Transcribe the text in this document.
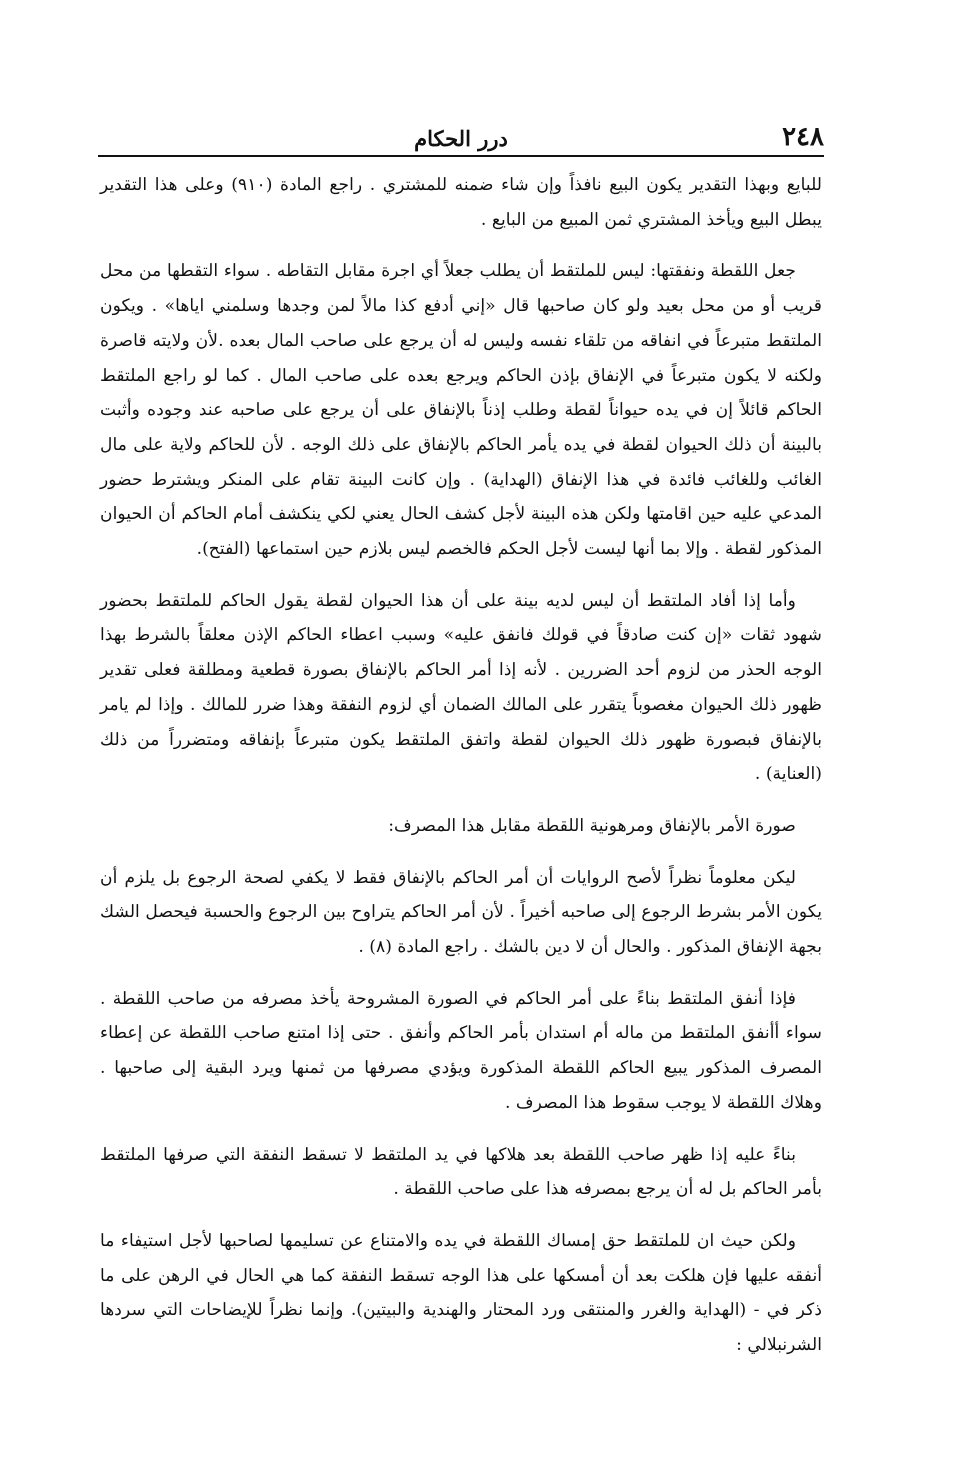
٢٤٨
درر الحكام

للبايع وبهذا التقدير يكون البيع نافذاً وإن شاء ضمنه للمشتري . راجع المادة (٩١٠) وعلى هذا التقدير يبطل البيع ويأخذ المشتري ثمن المبيع من البايع .

جعل اللقطة ونفقتها: ليس للملتقط أن يطلب جعلاً أي اجرة مقابل التقاطه . سواء التقطها من محل قريب أو من محل بعيد ولو كان صاحبها قال «إني أدفع كذا مالاً لمن وجدها وسلمني اياها» . ويكون الملتقط متبرعاً في انفاقه من تلقاء نفسه وليس له أن يرجع على صاحب المال بعده .لأن ولايته قاصرة ولكنه لا يكون متبرعاً في الإنفاق بإذن الحاكم ويرجع بعده على صاحب المال . كما لو راجع الملتقط الحاكم قائلاً إن في يده حيواناً لقطة وطلب إذناً بالإنفاق على أن يرجع على صاحبه عند وجوده وأثبت بالبينة أن ذلك الحيوان لقطة في يده يأمر الحاكم بالإنفاق على ذلك الوجه . لأن للحاكم ولاية على مال الغائب وللغائب فائدة في هذا الإنفاق (الهداية) . وإن كانت البينة تقام على المنكر ويشترط حضور المدعي عليه حين اقامتها ولكن هذه البينة لأجل كشف الحال يعني لكي ينكشف أمام الحاكم أن الحيوان المذكور لقطة . وإلا بما أنها ليست لأجل الحكم فالخصم ليس بلازم حين استماعها (الفتح).

وأما إذا أفاد الملتقط أن ليس لديه بينة على أن هذا الحيوان لقطة يقول الحاكم للملتقط بحضور شهود ثقات «إن كنت صادقاً في قولك فانفق عليه» وسبب اعطاء الحاكم الإذن معلقاً بالشرط بهذا الوجه الحذر من لزوم أحد الضررين . لأنه إذا أمر الحاكم بالإنفاق بصورة قطعية ومطلقة فعلى تقدير ظهور ذلك الحيوان مغصوباً يتقرر على المالك الضمان أي لزوم النفقة وهذا ضرر للمالك . وإذا لم يامر بالإنفاق فبصورة ظهور ذلك الحيوان لقطة واتفق الملتقط يكون متبرعاً بإنفاقه ومتضرراً من ذلك (العناية) .

صورة الأمر بالإنفاق ومرهونية اللقطة مقابل هذا المصرف:

ليكن معلوماً نظراً لأصح الروايات أن أمر الحاكم بالإنفاق فقط لا يكفي لصحة الرجوع بل يلزم أن يكون الأمر بشرط الرجوع إلى صاحبه أخيراً . لأن أمر الحاكم يتراوح بين الرجوع والحسبة فيحصل الشك بجهة الإنفاق المذكور . والحال أن لا دين بالشك . راجع المادة (٨) .

فإذا أنفق الملتقط بناءً على أمر الحاكم في الصورة المشروحة يأخذ مصرفه من صاحب اللقطة . سواء أأنفق الملتقط من ماله أم استدان بأمر الحاكم وأنفق . حتى إذا امتنع صاحب اللقطة عن إعطاء المصرف المذكور يبيع الحاكم اللقطة المذكورة ويؤدي مصرفها من ثمنها ويرد البقية إلى صاحبها . وهلاك اللقطة لا يوجب سقوط هذا المصرف .

بناءً عليه إذا ظهر صاحب اللقطة بعد هلاكها في يد الملتقط لا تسقط النفقة التي صرفها الملتقط بأمر الحاكم بل له أن يرجع بمصرفه هذا على صاحب اللقطة .

ولكن حيث ان للملتقط حق إمساك اللقطة في يده والامتناع عن تسليمها لصاحبها لأجل استيفاء ما أنفقه عليها فإن هلكت بعد أن أمسكها على هذا الوجه تسقط النفقة كما هي الحال في الرهن على ما ذكر في - (الهداية والغرر والمنتقى ورد المحتار والهندية والبيتين). وإنما نظراً للإيضاحات التي سردها الشرنبلالي :
